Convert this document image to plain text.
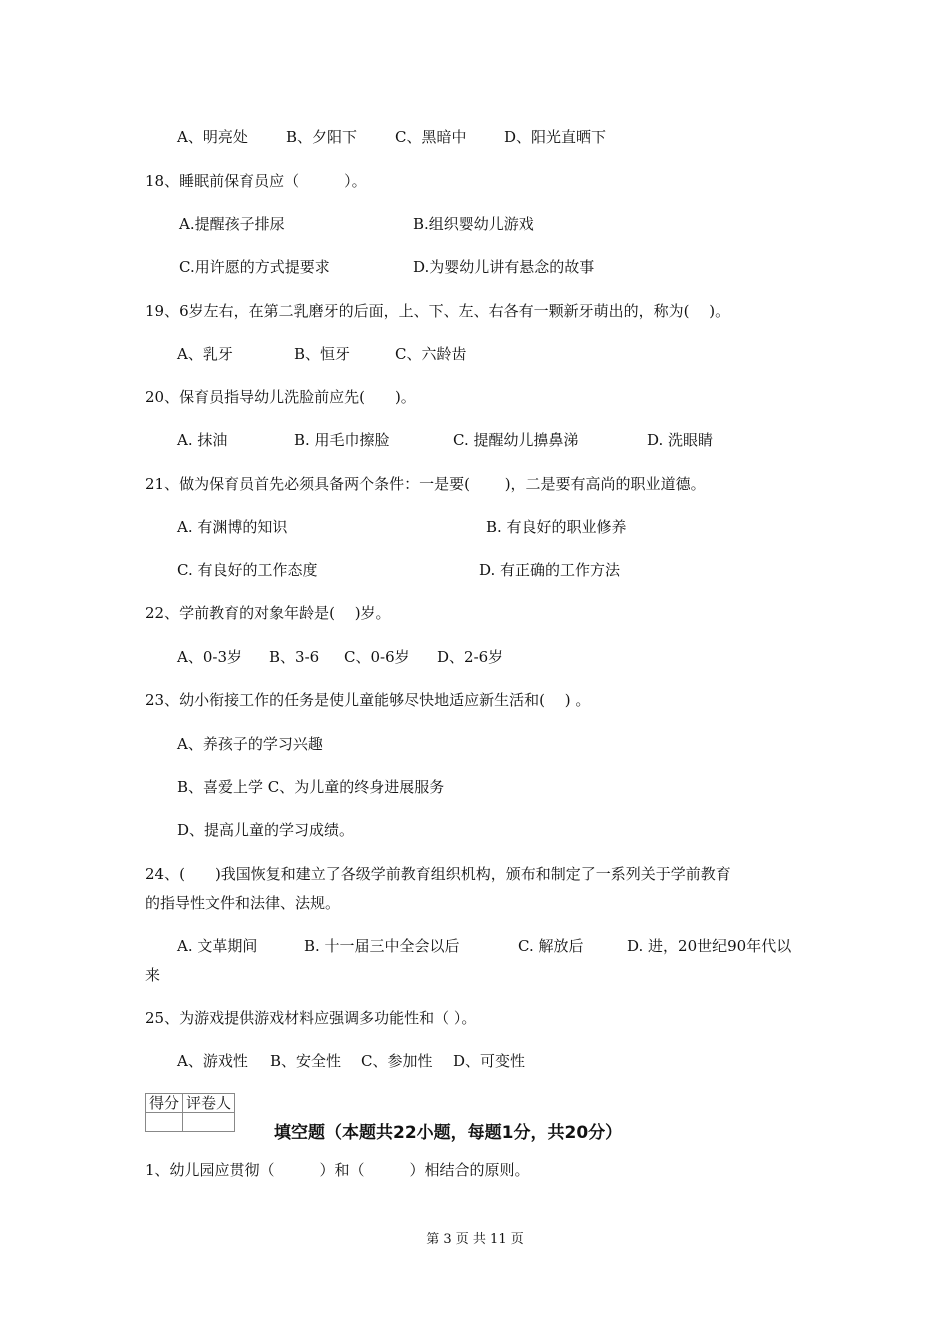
A、明亮处	B、夕阳下	C、黑暗中	D、阳光直晒下
18、睡眠前保育员应（　　　）。
A.提醒孩子排尿	B.组织婴幼儿游戏
C.用许愿的方式提要求	D.为婴幼儿讲有悬念的故事
19、6岁左右，在第二乳磨牙的后面，上、下、左、右各有一颗新牙萌出的，称为(　 )。
A、乳牙	B、恒牙	C、六龄齿
20、保育员指导幼儿洗脸前应先(　　)。
A. 抹油	B. 用毛巾擦脸	C. 提醒幼儿擤鼻涕	D. 洗眼睛
21、做为保育员首先必须具备两个条件：一是要(　　 )，二是要有高尚的职业道德。
A. 有渊博的知识	B. 有良好的职业修养
C. 有良好的工作态度	D. 有正确的工作方法
22、学前教育的对象年龄是(　 )岁。
A、0-3岁 B、3-6 C、0-6岁 D、2-6岁
23、幼小衔接工作的任务是使儿童能够尽快地适应新生活和(　 ) 。
A、养孩子的学习兴趣
B、喜爱上学 C、为儿童的终身进展服务
D、提高儿童的学习成绩。
24、(　　)我国恢复和建立了各级学前教育组织机构，颁布和制定了一系列关于学前教育
的指导性文件和法律、法规。
A. 文革期间	B. 十一届三中全会以后	C. 解放后	D. 进，20世纪90年代以
来
25、为游戏提供游戏材料应强调多功能性和（ ）。
A、游戏性 B、安全性 C、参加性 D、可变性
得分	评卷人

填空题（本题共22小题，每题1分，共20分）
1、幼儿园应贯彻（　　　）和（　　　）相结合的原则。
第 3 页 共 11 页
